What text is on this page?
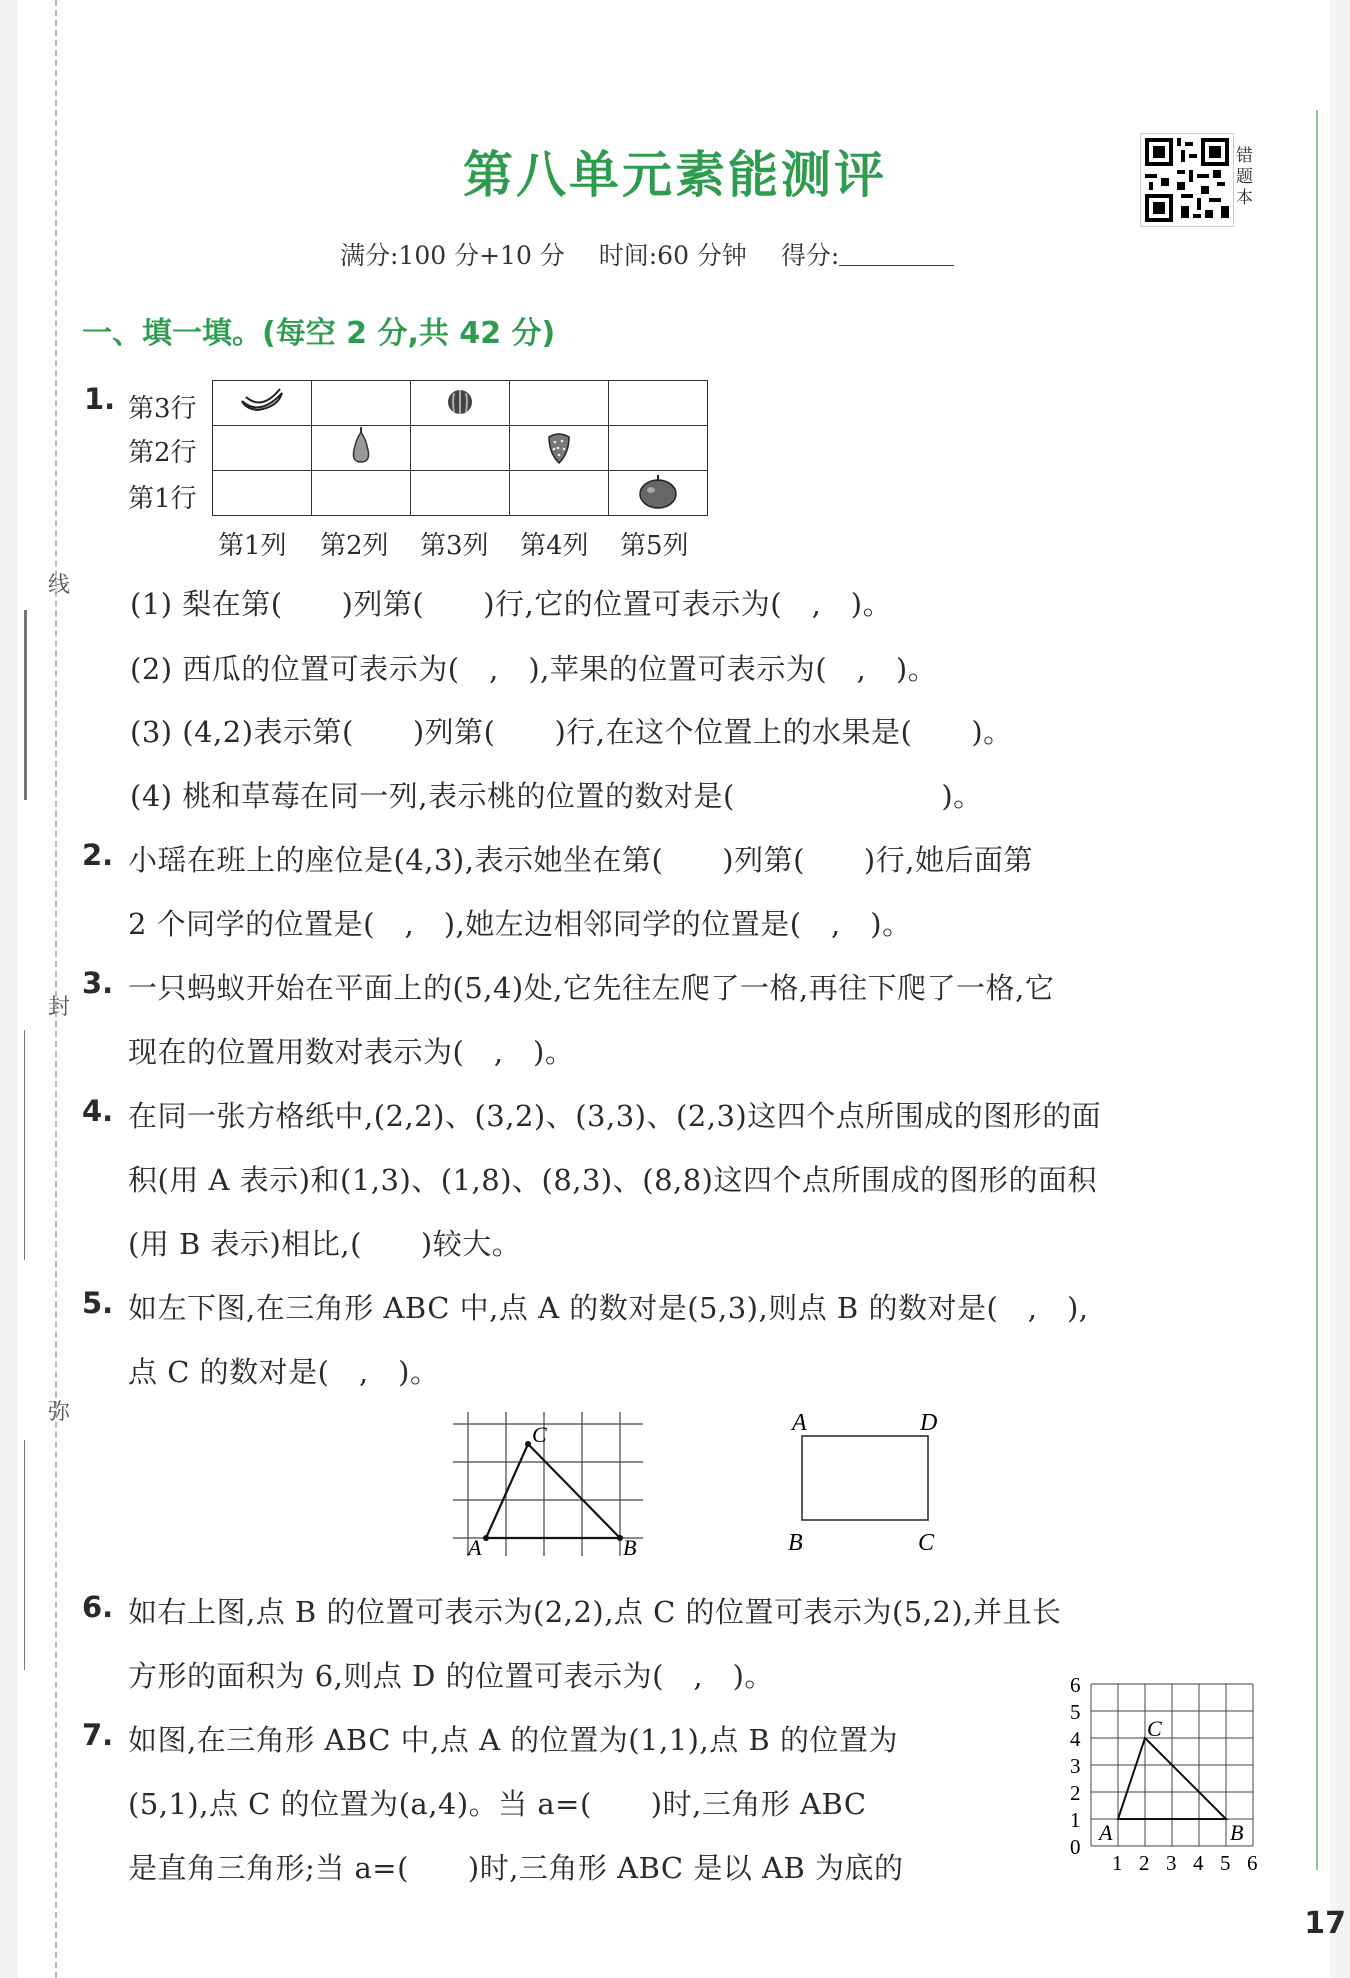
线
封
弥
第八单元素能测评	错题本
满分:100 分+10 分 时间:60 分钟 得分:
一、填一填。(每空 2 分,共 42 分)
1. 第3行
第2行
第1行

第1列 第2列 第3列 第4列 第5列
(1) 梨在第(　　)列第(　　)行,它的位置可表示为(　,　)。
(2) 西瓜的位置可表示为(　,　),苹果的位置可表示为(　,　)。
(3) (4,2)表示第(　　)列第(　　)行,在这个位置上的水果是(　　)。
(4) 桃和草莓在同一列,表示桃的位置的数对是(　　　　　　　)。
2. 小瑶在班上的座位是(4,3),表示她坐在第(　　)列第(　　)行,她后面第
2 个同学的位置是(　,　),她左边相邻同学的位置是(　,　)。
3. 一只蚂蚁开始在平面上的(5,4)处,它先往左爬了一格,再往下爬了一格,它
现在的位置用数对表示为(　,　)。
4. 在同一张方格纸中,(2,2)、(3,2)、(3,3)、(2,3)这四个点所围成的图形的面
积(用 A 表示)和(1,3)、(1,8)、(8,3)、(8,8)这四个点所围成的图形的面积
(用 B 表示)相比,(　　)较大。
5. 如左下图,在三角形 ABC 中,点 A 的数对是(5,3),则点 B 的数对是(　,　),
点 C 的数对是(　,　)。
A
C
B
A	D
B	C
6. 如右上图,点 B 的位置可表示为(2,2),点 C 的位置可表示为(5,2),并且长
方形的面积为 6,则点 D 的位置可表示为(　,　)。
7. 如图,在三角形 ABC 中,点 A 的位置为(1,1),点 B 的位置为
(5,1),点 C 的位置为(a,4)。当 a=(　　)时,三角形 ABC
是直角三角形;当 a=(　　)时,三角形 ABC 是以 AB 为底的
C
A	B
0
1
2
3
4
5
6
1 2 3 4 5 6
17
